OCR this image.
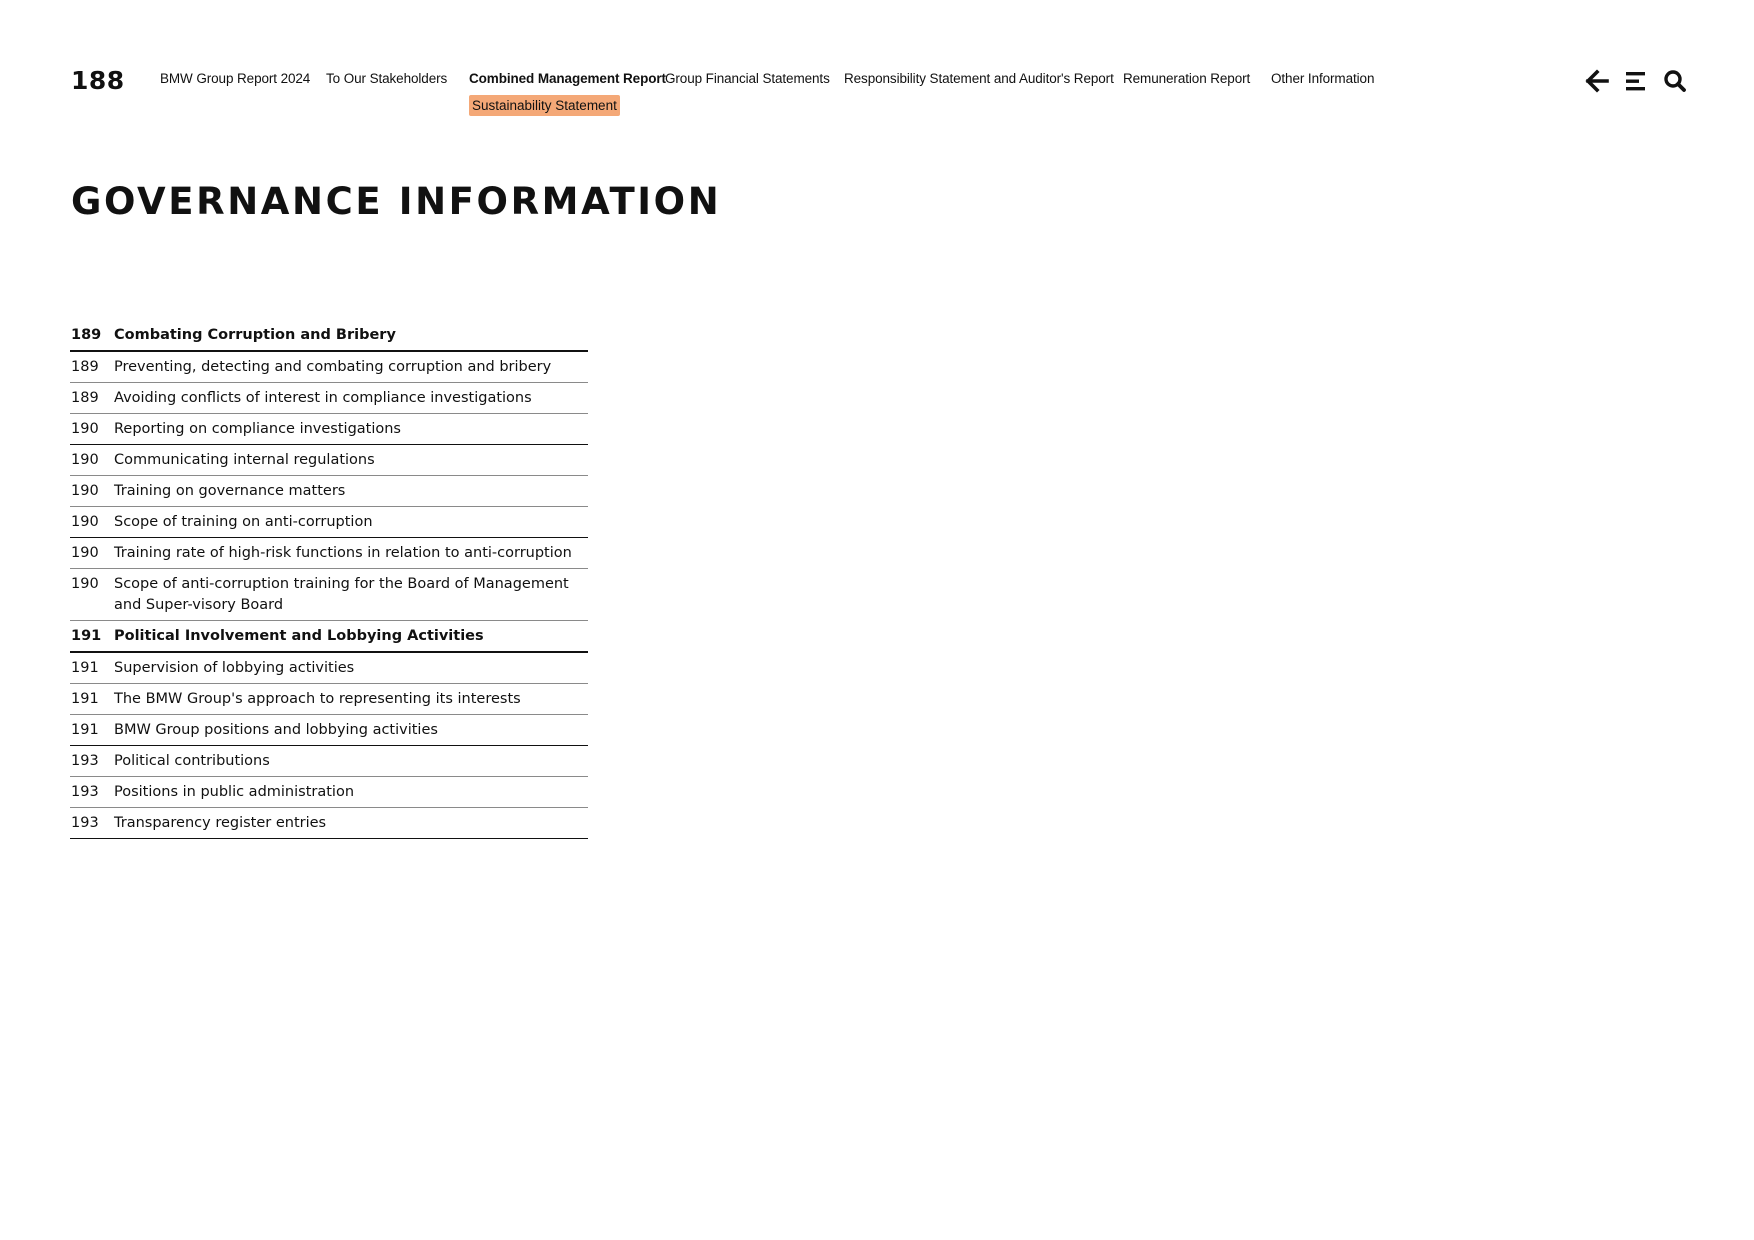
188	BMW Group Report 2024 To Our Stakeholders Combined Management Report Group Financial Statements Responsibility Statement and Auditor's Report Remuneration Report Other Information
Sustainability Statement
GOVERNANCE INFORMATION
189 Combating Corruption and Bribery
189	Preventing, detecting and combating corruption and bribery
189	Avoiding conflicts of interest in compliance investigations
190	Reporting on compliance investigations
190	Communicating internal regulations
190	Training on governance matters
190	Scope of training on anti-corruption
190	Training rate of high-risk functions in relation to anti-corruption
190	Scope of anti-corruption training for the Board of Management and Super-visory Board
191 Political Involvement and Lobbying Activities
191	Supervision of lobbying activities
191	The BMW Group's approach to representing its interests
191	BMW Group positions and lobbying activities
193	Political contributions
193	Positions in public administration
193	Transparency register entries
